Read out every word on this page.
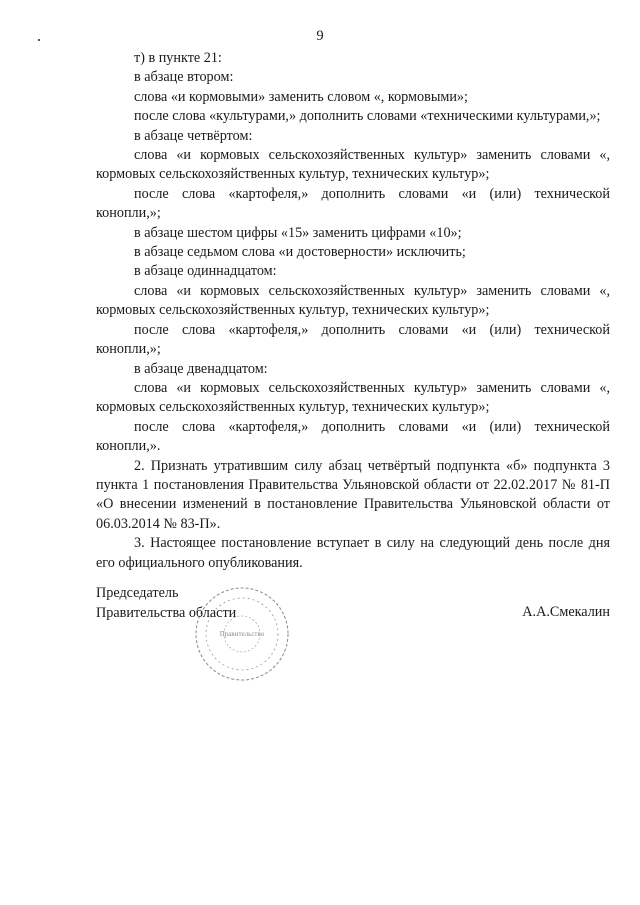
9

т) в пункте 21:

в абзаце втором:

слова «и кормовыми» заменить словом «, кормовыми»;

после слова «культурами,» дополнить словами «техническими культурами,»;

в абзаце четвёртом:

слова «и кормовых сельскохозяйственных культур» заменить словами «, кормовых сельскохозяйственных культур, технических культур»;

после слова «картофеля,» дополнить словами «и (или) технической конопли,»;

в абзаце шестом цифры «15» заменить цифрами «10»;

в абзаце седьмом слова «и достоверности» исключить;

в абзаце одиннадцатом:

слова «и кормовых сельскохозяйственных культур» заменить словами «, кормовых сельскохозяйственных культур, технических культур»;

после слова «картофеля,» дополнить словами «и (или) технической конопли,»;

в абзаце двенадцатом:

слова «и кормовых сельскохозяйственных культур» заменить словами «, кормовых сельскохозяйственных культур, технических культур»;

после слова «картофеля,» дополнить словами «и (или) технической конопли,».

2. Признать утратившим силу абзац четвёртый подпункта «б» подпункта 3 пункта 1 постановления Правительства Ульяновской области от 22.02.2017 № 81-П «О внесении изменений в постановление Правительства Ульяновской области от 06.03.2014 № 83-П».

3. Настоящее постановление вступает в силу на следующий день после дня его официального опубликования.

Правительство
Председатель
Правительства области	А.А.Смекалин
